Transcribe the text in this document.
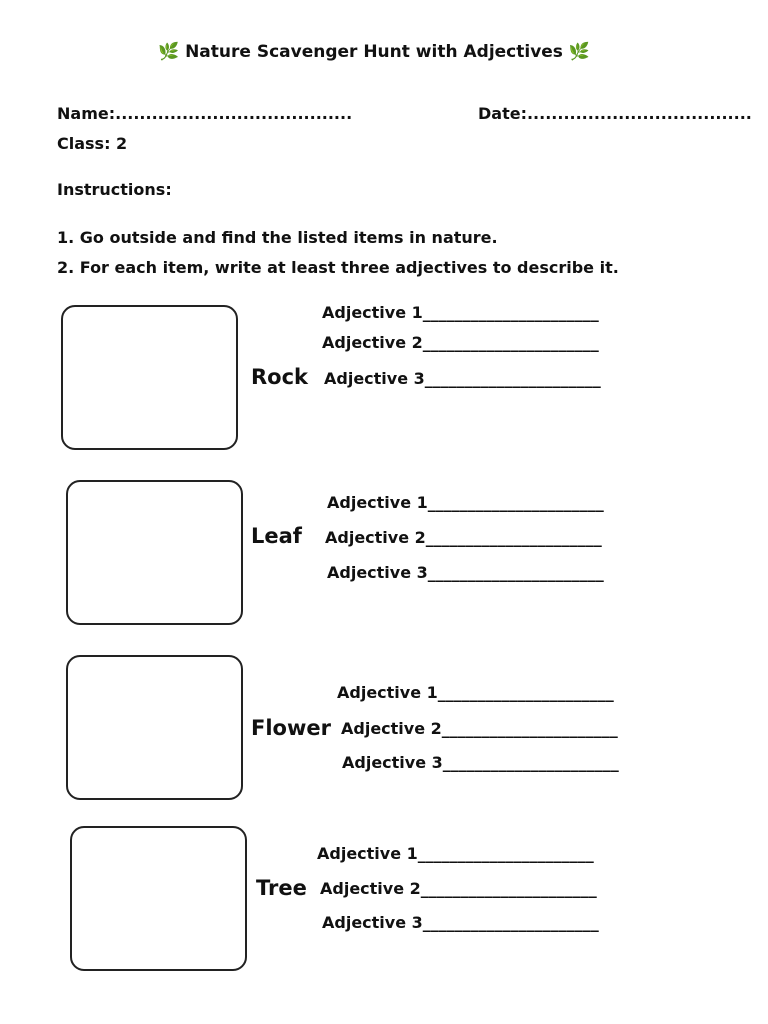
🌿 Nature Scavenger Hunt with Adjectives 🌿
Name:.......................................	Date:.....................................
Class: 2
Instructions:
1. Go outside and find the listed items in nature.
2. For each item, write at least three adjectives to describe it.
Rock
Adjective 1______________________
Adjective 2______________________
Adjective 3______________________
Leaf
Adjective 1______________________
Adjective 2______________________
Adjective 3______________________
Flower
Adjective 1______________________
Adjective 2______________________
Adjective 3______________________
Tree
Adjective 1______________________
Adjective 2______________________
Adjective 3______________________
